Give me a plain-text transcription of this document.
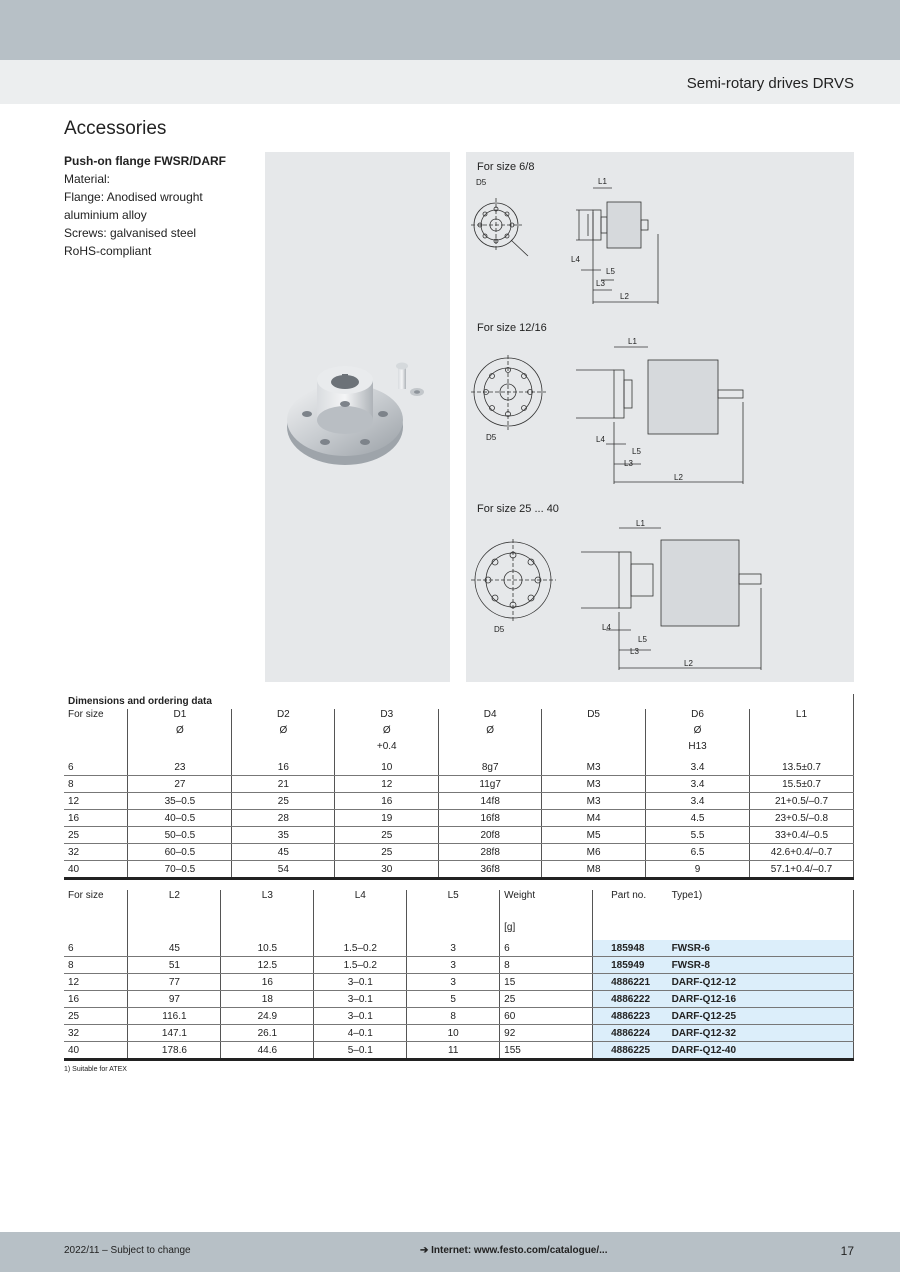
Semi-rotary drives DRVS
Accessories
Push-on flange FWSR/DARF
Material:
Flange: Anodised wrought aluminium alloy
Screws: galvanised steel
RoHS-compliant
For size 6/8
For size 12/16
For size 25 ... 40
D5	L1
L4
L5
L3
L2
L1
D5	L4
L5
L3
L2
L1
D5	L4
L5
L3
L2
Dimensions and ordering data							
For size	D1	D2	D3	D4	D5	D6	L1
	Ø	Ø	Ø	Ø		Ø	
			+0.4			H13	
6	23	16	10	8g7	M3	3.4	13.5±0.7
8	27	21	12	11g7	M3	3.4	15.5±0.7
12	35–0.5	25	16	14f8	M3	3.4	21+0.5/–0.7
16	40–0.5	28	19	16f8	M4	4.5	23+0.5/–0.8
25	50–0.5	35	25	20f8	M5	5.5	33+0.4/–0.5
32	60–0.5	45	25	28f8	M6	6.5	42.6+0.4/–0.7
40	70–0.5	54	30	36f8	M8	9	57.1+0.4/–0.7
For size	L2	L3	L4	L5	Weight	Part no.	Type1)

					[g]		
6	45	10.5	1.5–0.2	3	6	185948	FWSR-6
8	51	12.5	1.5–0.2	3	8	185949	FWSR-8
12	77	16	3–0.1	3	15	4886221	DARF-Q12-12
16	97	18	3–0.1	5	25	4886222	DARF-Q12-16
25	116.1	24.9	3–0.1	8	60	4886223	DARF-Q12-25
32	147.1	26.1	4–0.1	10	92	4886224	DARF-Q12-32
40	178.6	44.6	5–0.1	11	155	4886225	DARF-Q12-40
1) Suitable for ATEX
2022/11 – Subject to change	➔ Internet: www.festo.com/catalogue/...	17
